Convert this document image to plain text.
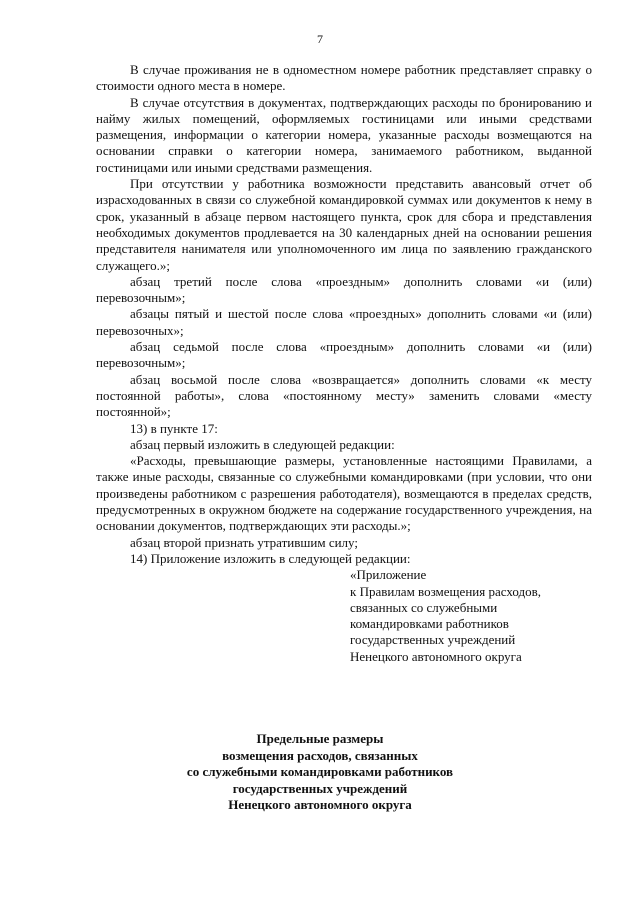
7

В случае проживания не в одноместном номере работник представляет справку о стоимости одного места в номере.

В случае отсутствия в документах, подтверждающих расходы по бронированию и найму жилых помещений, оформляемых гостиницами или иными средствами размещения, информации о категории номера, указанные расходы возмещаются на основании справки о категории номера, занимаемого работником, выданной гостиницами или иными средствами размещения.

При отсутствии у работника возможности представить авансовый отчет об израсходованных в связи со служебной командировкой суммах или документов к нему в срок, указанный в абзаце первом настоящего пункта, срок для сбора и представления необходимых документов продлевается на 30 календарных дней на основании решения представителя нанимателя или уполномоченного им лица по заявлению гражданского служащего.»;

абзац третий после слова «проездным» дополнить словами «и (или) перевозочным»;

абзацы пятый и шестой после слова «проездных» дополнить словами «и (или) перевозочных»;

абзац седьмой после слова «проездным» дополнить словами «и (или) перевозочным»;

абзац восьмой после слова «возвращается» дополнить словами «к месту постоянной работы», слова «постоянному месту» заменить словами «месту постоянной»;

13) в пункте 17:

абзац первый изложить в следующей редакции:

«Расходы, превышающие размеры, установленные настоящими Правилами, а также иные расходы, связанные со служебными командировками (при условии, что они произведены работником с разрешения работодателя), возмещаются в пределах средств, предусмотренных в окружном бюджете на содержание государственного учреждения, на основании документов, подтверждающих эти расходы.»;

абзац второй признать утратившим силу;

14) Приложение изложить в следующей редакции:

«Приложение
к Правилам возмещения расходов,
связанных со служебными
командировками работников
государственных учреждений
Ненецкого автономного округа
Предельные размеры
возмещения расходов, связанных
со служебными командировками работников
государственных учреждений
Ненецкого автономного округа
